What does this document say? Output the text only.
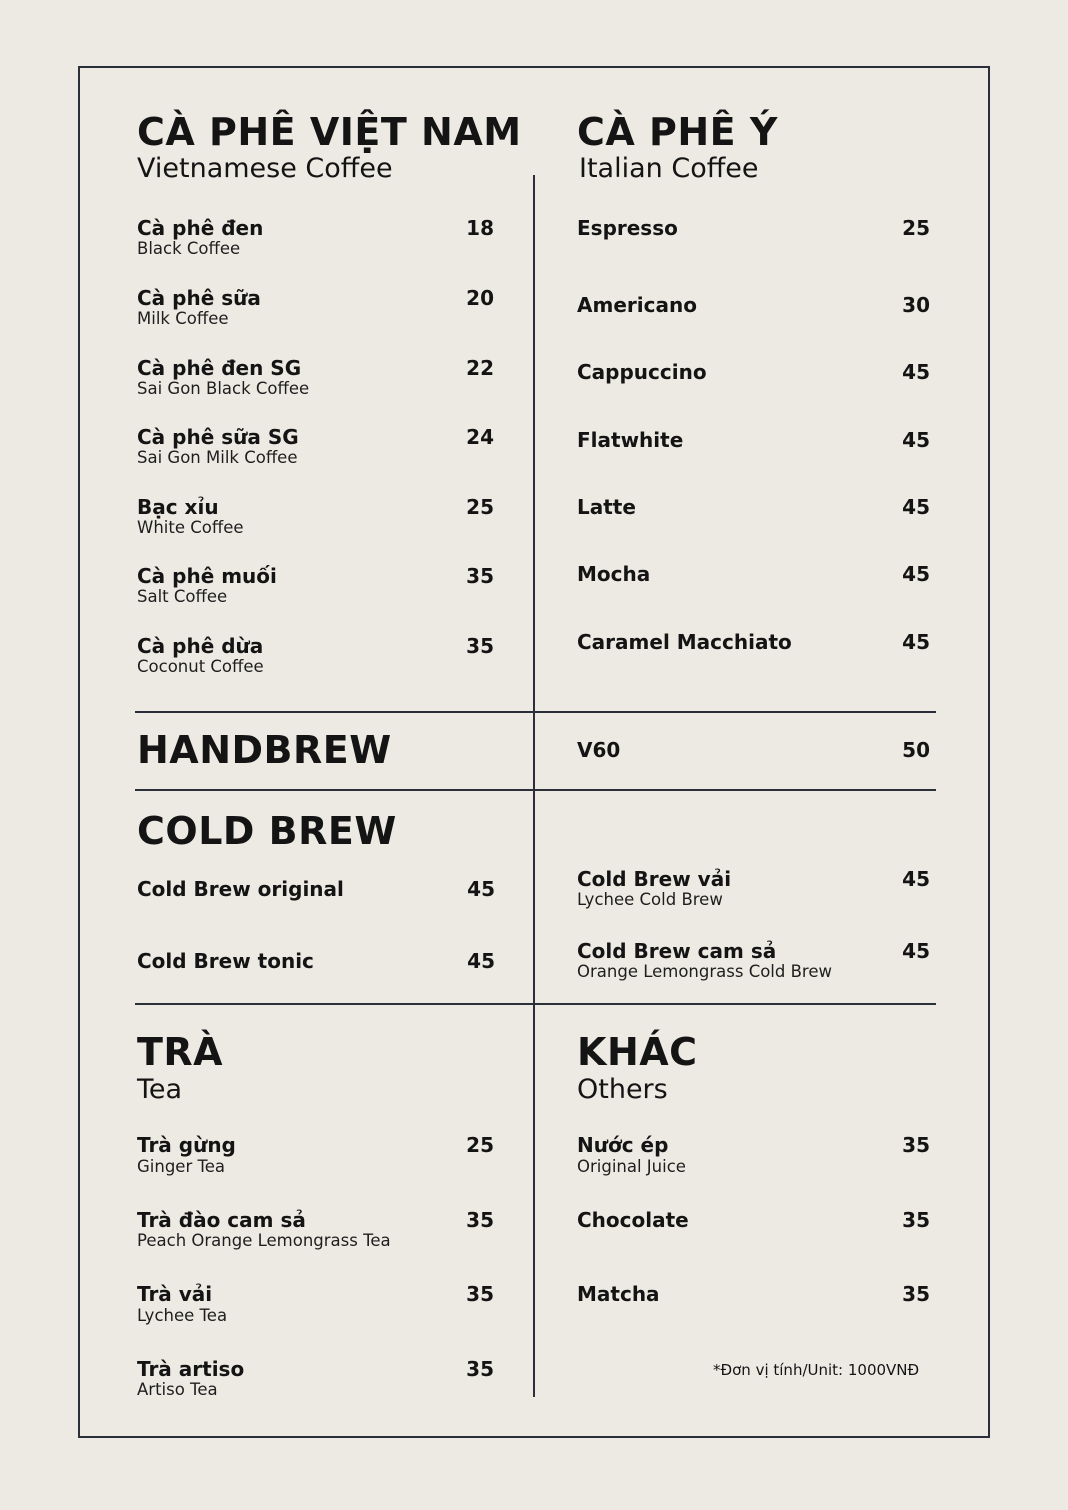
CÀ PHÊ VIỆT NAM
Vietnamese Coffee
Cà phê đen
Black Coffee
18
Cà phê sữa
Milk Coffee
20
Cà phê đen SG
Sai Gon Black Coffee
22
Cà phê sữa SG
Sai Gon Milk Coffee
24
Bạc xỉu
White Coffee
25
Cà phê muối
Salt Coffee
35
Cà phê dừa
Coconut Coffee
35
CÀ PHÊ Ý
Italian Coffee
Espresso	25
Americano	30
Cappuccino	45
Flatwhite	45
Latte	45
Mocha	45
Caramel Macchiato	45
HANDBREW	V60	50
COLD BREW
Cold Brew original	45
Cold Brew tonic	45
Cold Brew vải
Lychee Cold Brew
45
Cold Brew cam sả
Orange Lemongrass Cold Brew
45
TRÀ
Tea
Trà gừng
Ginger Tea
25
Trà đào cam sả
Peach Orange Lemongrass Tea
35
Trà vải
Lychee Tea
35
Trà artiso
Artiso Tea
35
KHÁC
Others
Nước ép
Original Juice
35
Chocolate	35
Matcha	35
*Đơn vị tính/Unit: 1000VNĐ
